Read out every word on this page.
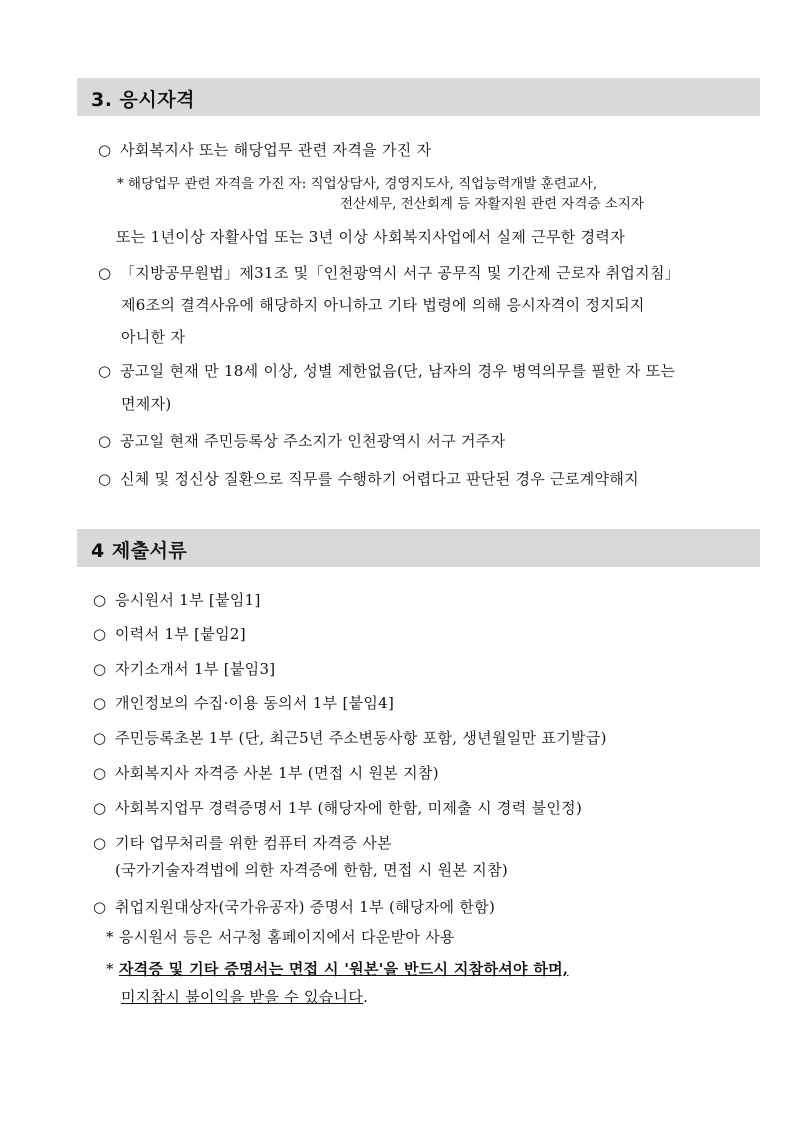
3. 응시자격
○ 사회복지사 또는 해당업무 관련 자격을 가진 자
* 해당업무 관련 자격을 가진 자: 직업상담사, 경영지도사, 직업능력개발 훈련교사,
전산세무, 전산회계 등 자활지원 관련 자격증 소지자
또는 1년이상 자활사업 또는 3년 이상 사회복지사업에서 실제 근무한 경력자
○ 「지방공무원법」제31조 및「인천광역시 서구 공무직 및 기간제 근로자 취업지침」
제6조의 결격사유에 해당하지 아니하고 기타 법령에 의해 응시자격이 정지되지
아니한 자
○ 공고일 현재 만 18세 이상, 성별 제한없음(단, 남자의 경우 병역의무를 필한 자 또는
면제자)
○ 공고일 현재 주민등록상 주소지가 인천광역시 서구 거주자
○ 신체 및 정신상 질환으로 직무를 수행하기 어렵다고 판단된 경우 근로계약해지
4 제출서류
○ 응시원서 1부 [붙임1]
○ 이력서 1부 [붙임2]
○ 자기소개서 1부 [붙임3]
○ 개인정보의 수집·이용 동의서 1부 [붙임4]
○ 주민등록초본 1부 (단, 최근5년 주소변동사항 포함, 생년월일만 표기발급)
○ 사회복지사 자격증 사본 1부 (면접 시 원본 지참)
○ 사회복지업무 경력증명서 1부 (해당자에 한함, 미제출 시 경력 불인정)
○ 기타 업무처리를 위한 컴퓨터 자격증 사본
(국가기술자격법에 의한 자격증에 한함, 면접 시 원본 지참)
○ 취업지원대상자(국가유공자) 증명서 1부 (해당자에 한함)
* 응시원서 등은 서구청 홈페이지에서 다운받아 사용
* 자격증 및 기타 증명서는 면접 시 '원본'을 반드시 지참하셔야 하며,
미지참시 불이익을 받을 수 있습니다.
